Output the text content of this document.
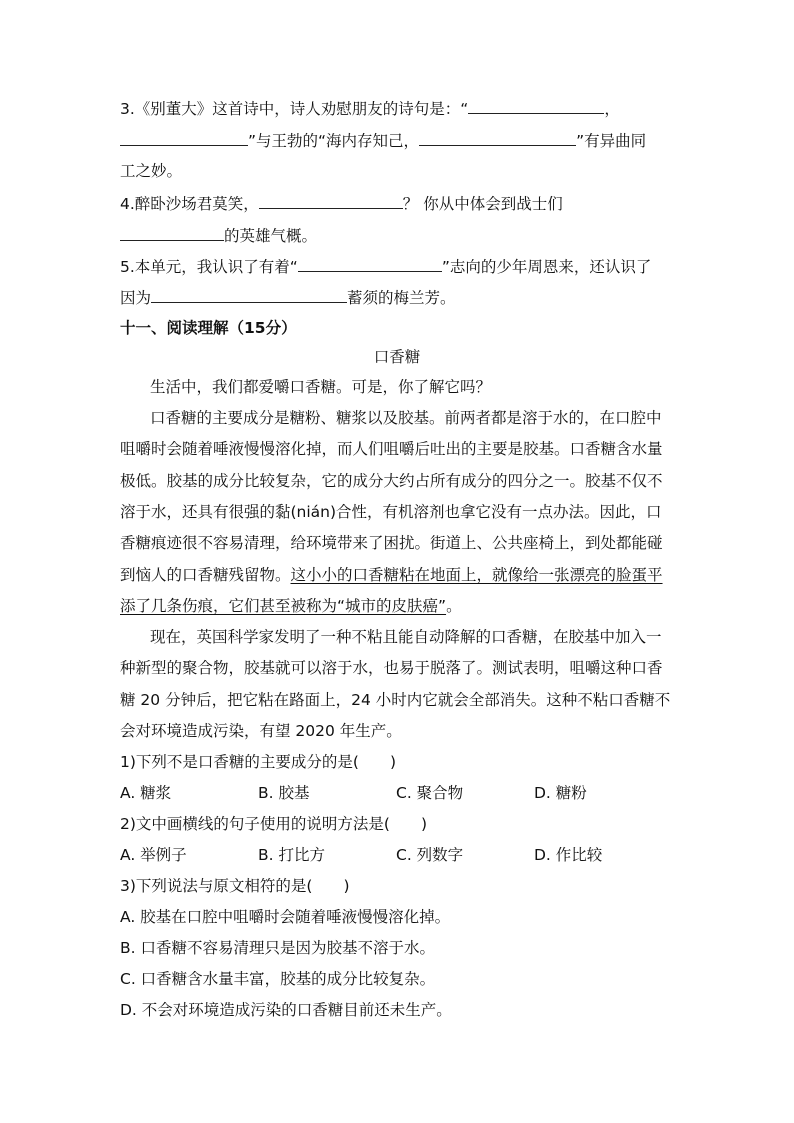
3.《别董大》这首诗中，诗人劝慰朋友的诗句是：“	，
”与王勃的“海内存知己，	”有异曲同
工之妙。
4.醉卧沙场君莫笑，	？ 你从中体会到战士们
的英雄气概。
5.本单元，我认识了有着“	”志向的少年周恩来，还认识了
因为	蓄须的梅兰芳。
十一、阅读理解（15分）
口香糖
生活中，我们都爱嚼口香糖。可是，你了解它吗？
口香糖的主要成分是糖粉、糖浆以及胶基。前两者都是溶于水的，在口腔中
咀嚼时会随着唾液慢慢溶化掉，而人们咀嚼后吐出的主要是胶基。口香糖含水量
极低。胶基的成分比较复杂，它的成分大约占所有成分的四分之一。胶基不仅不
溶于水，还具有很强的黏(nián)合性，有机溶剂也拿它没有一点办法。因此，口
香糖痕迹很不容易清理，给环境带来了困扰。街道上、公共座椅上，到处都能碰
到恼人的口香糖残留物。这小小的口香糖粘在地面上，就像给一张漂亮的脸蛋平
添了几条伤痕，它们甚至被称为“城市的皮肤癌”。
现在，英国科学家发明了一种不粘且能自动降解的口香糖，在胶基中加入一
种新型的聚合物，胶基就可以溶于水，也易于脱落了。测试表明，咀嚼这种口香
糖 20 分钟后，把它粘在路面上，24 小时内它就会全部消失。这种不粘口香糖不
会对环境造成污染，有望 2020 年生产。
1)下列不是口香糖的主要成分的是(　　)
A. 糖浆	B. 胶基	C. 聚合物	D. 糖粉
2)文中画横线的句子使用的说明方法是(　　)
A. 举例子	B. 打比方	C. 列数字	D. 作比较
3)下列说法与原文相符的是(　　)
A. 胶基在口腔中咀嚼时会随着唾液慢慢溶化掉。
B. 口香糖不容易清理只是因为胶基不溶于水。
C. 口香糖含水量丰富，胶基的成分比较复杂。
D. 不会对环境造成污染的口香糖目前还未生产。
